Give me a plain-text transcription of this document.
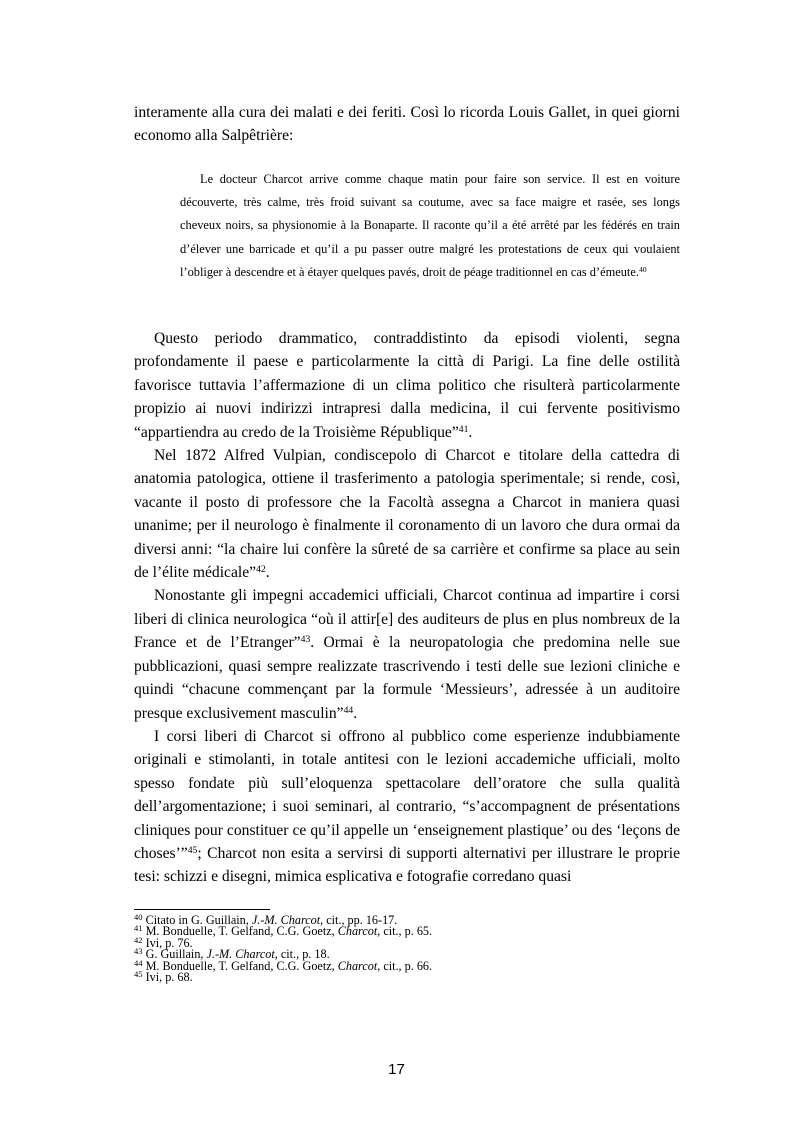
interamente alla cura dei malati e dei feriti. Così lo ricorda Louis Gallet, in quei giorni economo alla Salpêtrière:

Le docteur Charcot arrive comme chaque matin pour faire son service. Il est en voiture découverte, très calme, très froid suivant sa coutume, avec sa face maigre et rasée, ses longs cheveux noirs, sa physionomie à la Bonaparte. Il raconte qu’il a été arrêté par les fédérés en train d’élever une barricade et qu’il a pu passer outre malgré les protestations de ceux qui voulaient l’obliger à descendre et à étayer quelques pavés, droit de péage traditionnel en cas d’émeute.$^{40}$

Questo periodo drammatico, contraddistinto da episodi violenti, segna profondamente il paese e particolarmente la città di Parigi. La fine delle ostilità favorisce tuttavia l’affermazione di un clima politico che risulterà particolarmente propizio ai nuovi indirizzi intrapresi dalla medicina, il cui fervente positivismo “appartiendra au credo de la Troisième République”$^{41}$.

Nel 1872 Alfred Vulpian, condiscepolo di Charcot e titolare della cattedra di anatomia patologica, ottiene il trasferimento a patologia sperimentale; si rende, così, vacante il posto di professore che la Facoltà assegna a Charcot in maniera quasi unanime; per il neurologo è finalmente il coronamento di un lavoro che dura ormai da diversi anni: “la chaire lui confère la sûreté de sa carrière et confirme sa place au sein de l’élite médicale”$^{42}$.

Nonostante gli impegni accademici ufficiali, Charcot continua ad impartire i corsi liberi di clinica neurologica “où il attir[e] des auditeurs de plus en plus nombreux de la France et de l’Etranger”$^{43}$. Ormai è la neuropatologia che predomina nelle sue pubblicazioni, quasi sempre realizzate trascrivendo i testi delle sue lezioni cliniche e quindi “chacune commençant par la formule ‘Messieurs’, adressée à un auditoire presque exclusivement masculin”$^{44}$.

I corsi liberi di Charcot si offrono al pubblico come esperienze indubbiamente originali e stimolanti, in totale antitesi con le lezioni accademiche ufficiali, molto spesso fondate più sull’eloquenza spettacolare dell’oratore che sulla qualità dell’argomentazione; i suoi seminari, al contrario, “s’accompagnent de présentations cliniques pour constituer ce qu’il appelle un ‘enseignement plastique’ ou des ‘leçons de choses’”$^{45}$; Charcot non esita a servirsi di supporti alternativi per illustrare le proprie tesi: schizzi e disegni, mimica esplicativa e fotografie corredano quasi

$^{40}$ Citato in G. Guillain, J.-M. Charcot, cit., pp. 16-17.
$^{41}$ M. Bonduelle, T. Gelfand, C.G. Goetz, Charcot, cit., p. 65.
$^{42}$ Ivi, p. 76.
$^{43}$ G. Guillain, J.-M. Charcot, cit., p. 18.
$^{44}$ M. Bonduelle, T. Gelfand, C.G. Goetz, Charcot, cit., p. 66.
$^{45}$ Ivi, p. 68.
17
